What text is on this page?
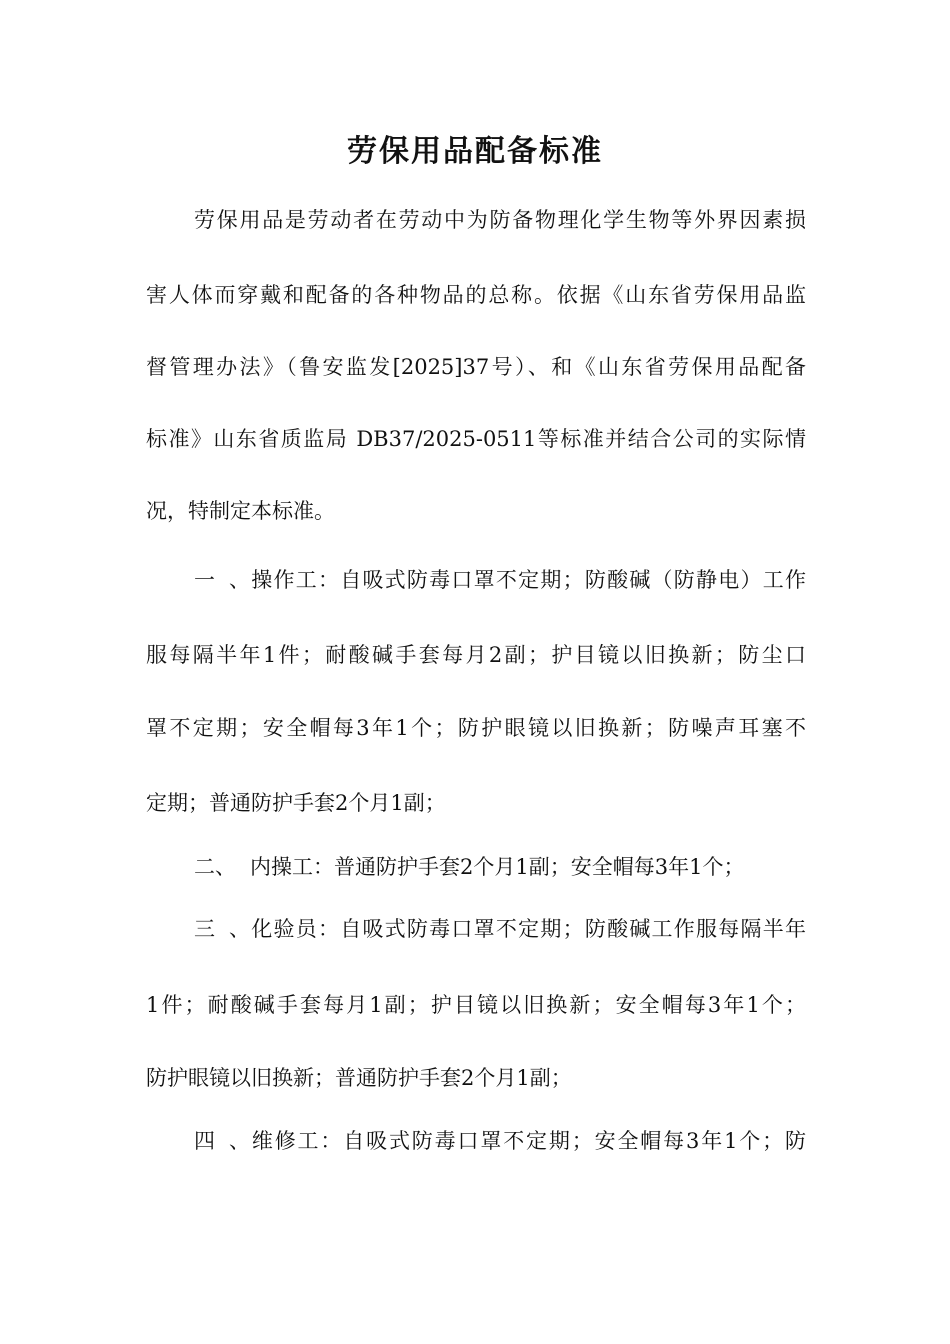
劳保用品配备标准
劳保用品是劳动者在劳动中为防备物理化学生物等外界因素损
害人体而穿戴和配备的各种物品的总称。依据《山东省劳保用品监
督管理办法》（鲁安监发[2025]37号）、和《山东省劳保用品配备
标准》山东省质监局 DB37/2025-0511等标准并结合公司的实际情
况，特制定本标准。
一、操作工：自吸式防毒口罩不定期；防酸碱（防静电）工作
服每隔半年1件；耐酸碱手套每月2副；护目镜以旧换新；防尘口
罩不定期；安全帽每3年1个；防护眼镜以旧换新；防噪声耳塞不
定期；普通防护手套2个月1副；
二、 内操工：普通防护手套2个月1副；安全帽每3年1个；
三、化验员：自吸式防毒口罩不定期；防酸碱工作服每隔半年
1件；耐酸碱手套每月1副；护目镜以旧换新；安全帽每3年1个；
防护眼镜以旧换新；普通防护手套2个月1副；
四、维修工：自吸式防毒口罩不定期；安全帽每3年1个；防
